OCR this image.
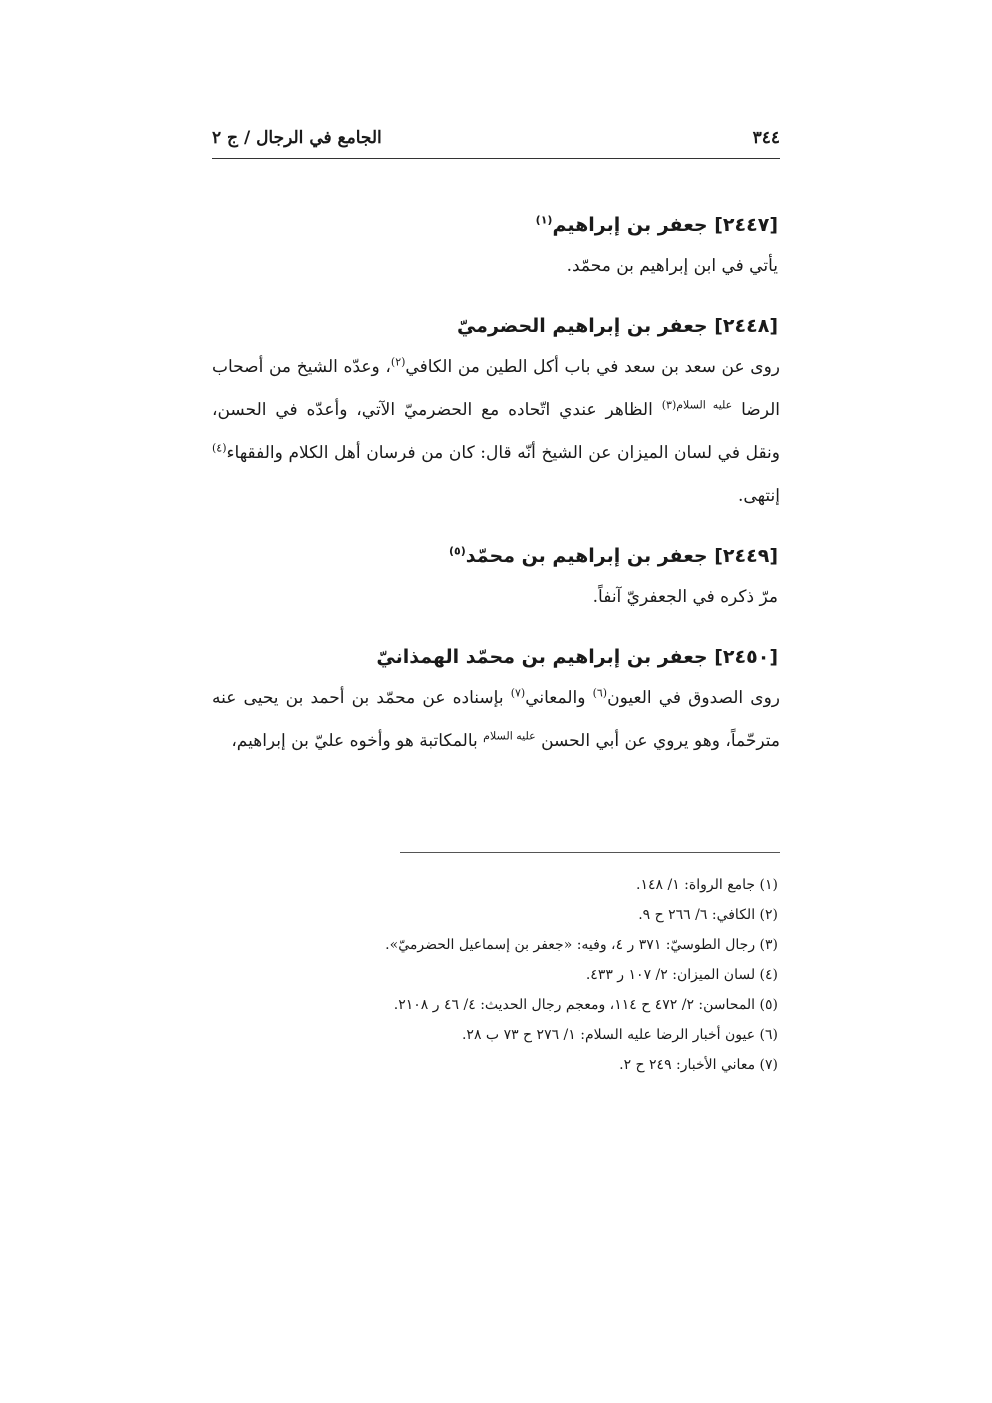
٣٤٤
الجامع في الرجال / ج ٢
[٢٤٤٧] جعفر بن إبراهيم$^{(١)}$

يأتي في ابن إبراهيم بن محمّد.

[٢٤٤٨] جعفر بن إبراهيم الحضرميّ

روى عن سعد بن سعد في باب أكل الطين من الكافي$^{(٢)}$، وعدّه الشيخ من أصحاب الرضا $^{عليه السلام(٣)}$ الظاهر عندي اتّحاده مع الحضرميّ الآتي، وأعدّه في الحسن، ونقل في لسان الميزان عن الشيخ أنّه قال: كان من فرسان أهل الكلام والفقهاء$^{(٤)}$ إنتهى.

[٢٤٤٩] جعفر بن إبراهيم بن محمّد$^{(٥)}$

مرّ ذكره في الجعفريّ آنفاً.

[٢٤٥٠] جعفر بن إبراهيم بن محمّد الهمذانيّ

روى الصدوق في العيون$^{(٦)}$ والمعاني$^{(٧)}$ بإسناده عن محمّد بن أحمد بن يحيى عنه مترحّماً، وهو يروي عن أبي الحسن $^{عليه السلام}$ بالمكاتبة هو وأخوه عليّ بن إبراهيم،

(١) جامع الرواة: ١/ ١٤٨.
(٢) الكافي: ٦/ ٢٦٦ ح ٩.
(٣) رجال الطوسيّ: ٣٧١ ر ٤، وفيه: «جعفر بن إسماعيل الحضرميّ».
(٤) لسان الميزان: ٢/ ١٠٧ ر ٤٣٣.
(٥) المحاسن: ٢/ ٤٧٢ ح ١١٤، ومعجم رجال الحديث: ٤/ ٤٦ ر ٢١٠٨.
(٦) عيون أخبار الرضا عليه السلام: ١/ ٢٧٦ ح ٧٣ ب ٢٨.
(٧) معاني الأخبار: ٢٤٩ ح ٢.
